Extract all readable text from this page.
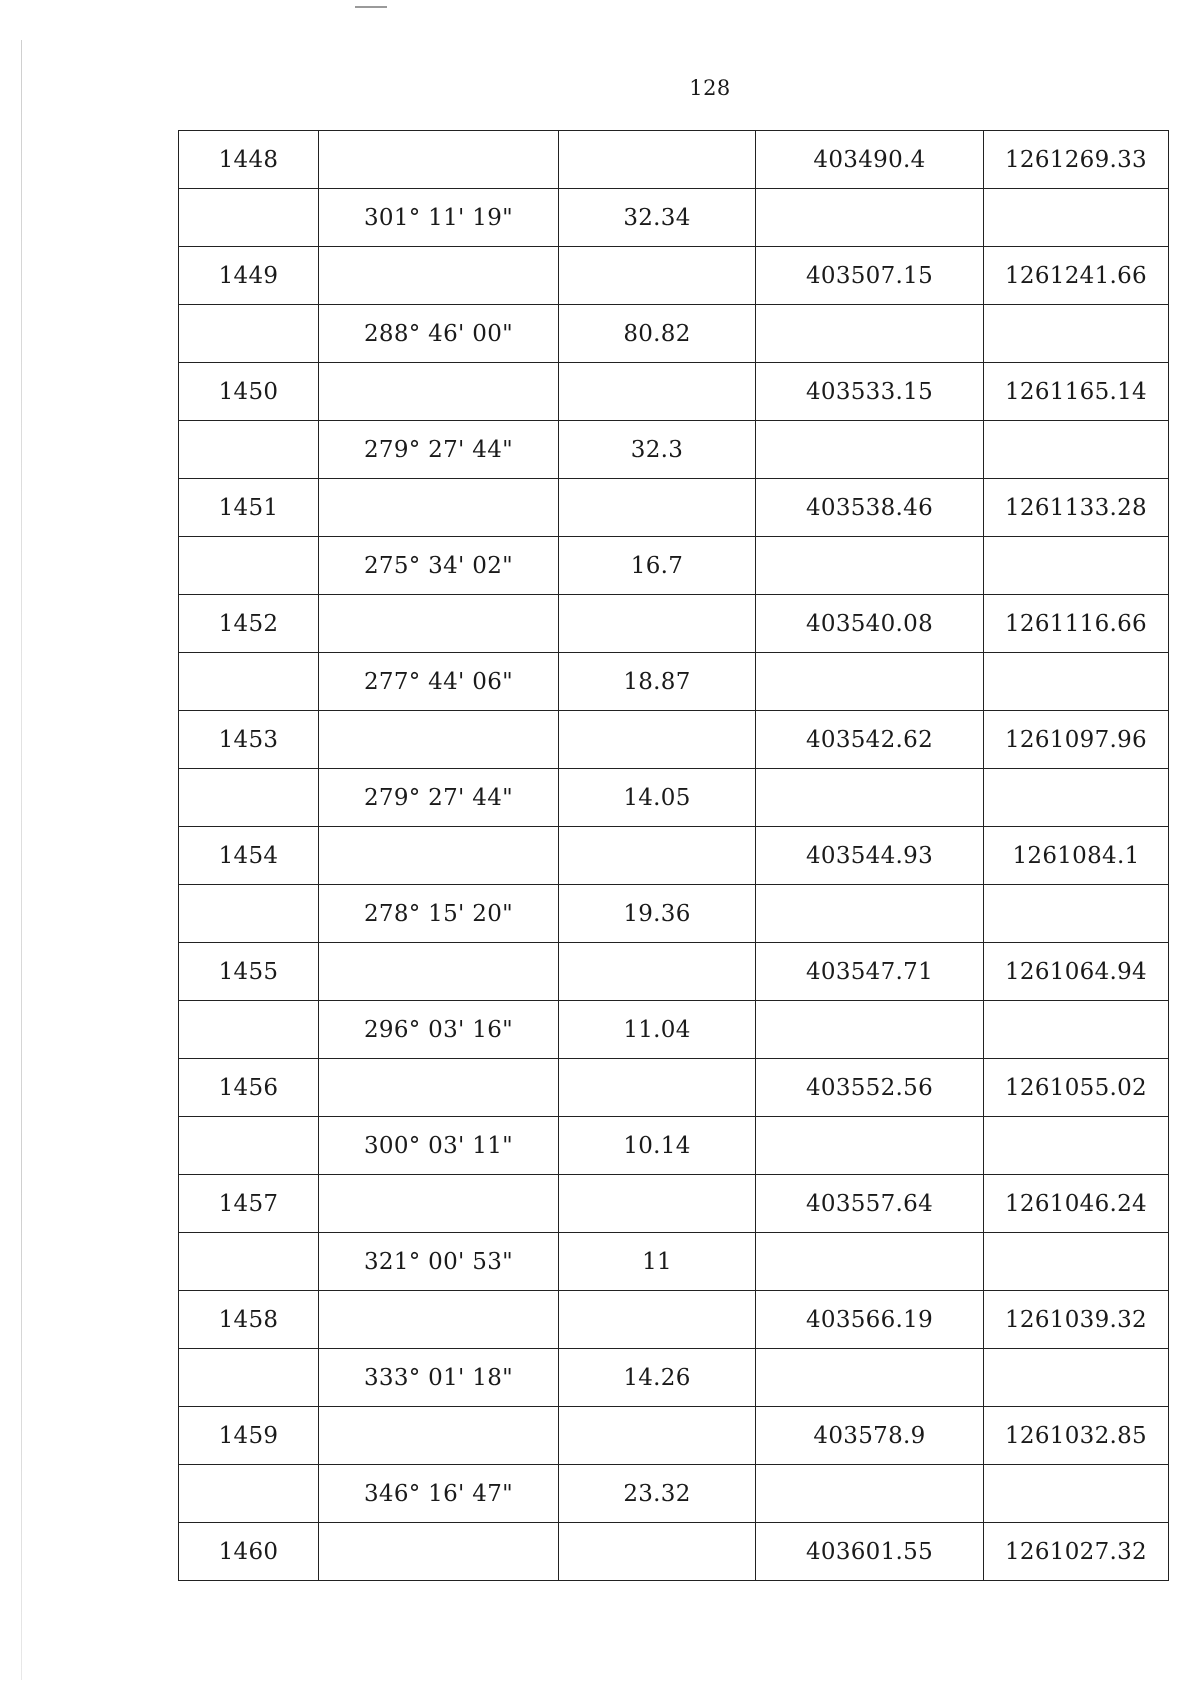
128
1448			403490.4	1261269.33
	301° 11' 19"	32.34		
1449			403507.15	1261241.66
	288° 46' 00"	80.82		
1450			403533.15	1261165.14
	279° 27' 44"	32.3		
1451			403538.46	1261133.28
	275° 34' 02"	16.7		
1452			403540.08	1261116.66
	277° 44' 06"	18.87		
1453			403542.62	1261097.96
	279° 27' 44"	14.05		
1454			403544.93	1261084.1
	278° 15' 20"	19.36		
1455			403547.71	1261064.94
	296° 03' 16"	11.04		
1456			403552.56	1261055.02
	300° 03' 11"	10.14		
1457			403557.64	1261046.24
	321° 00' 53"	11		
1458			403566.19	1261039.32
	333° 01' 18"	14.26		
1459			403578.9	1261032.85
	346° 16' 47"	23.32		
1460			403601.55	1261027.32
